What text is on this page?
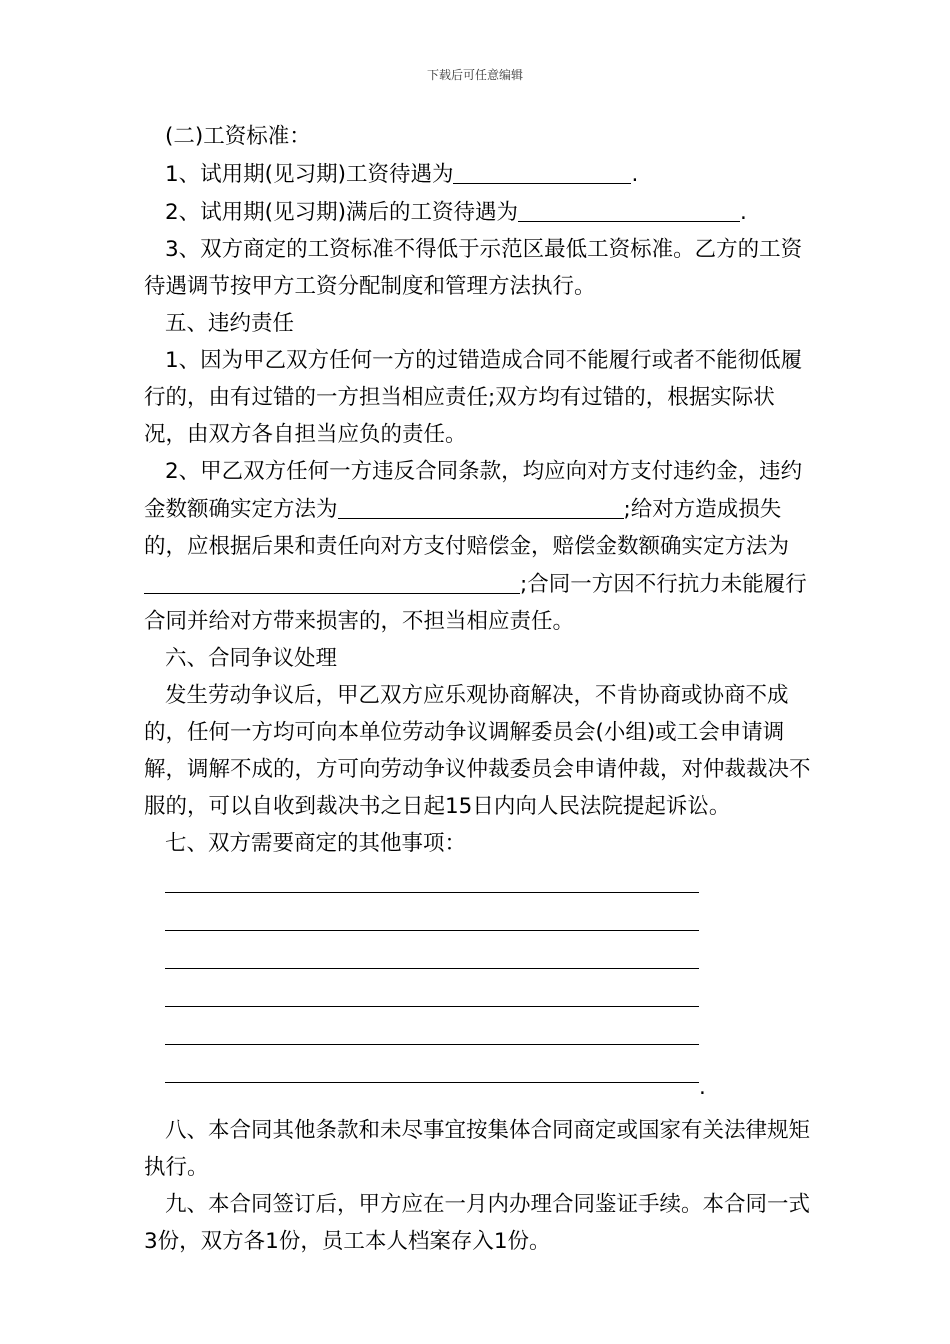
下载后可任意编辑

(二)工资标准：

1、试用期(见习期)工资待遇为	.

2、试用期(见习期)满后的工资待遇为	.

3、双方商定的工资标准不得低于示范区最低工资标准。乙方的工资待遇调节按甲方工资分配制度和管理方法执行。

五、违约责任

1、因为甲乙双方任何一方的过错造成合同不能履行或者不能彻低履行的，由有过错的一方担当相应责任;双方均有过错的，根据实际状况，由双方各自担当应负的责任。

2、甲乙双方任何一方违反合同条款，均应向对方支付违约金，违约金数额确实定方法为	;给对方造成损失的，应根据后果和责任向对方支付赔偿金，赔偿金数额确实定方法为;合同一方因不行抗力未能履行合同并给对方带来损害的，不担当相应责任。

六、合同争议处理

发生劳动争议后，甲乙双方应乐观协商解决，不肯协商或协商不成的，任何一方均可向本单位劳动争议调解委员会(小组)或工会申请调解，调解不成的，方可向劳动争议仲裁委员会申请仲裁，对仲裁裁决不服的，可以自收到裁决书之日起15日内向人民法院提起诉讼。

七、双方需要商定的其他事项：

.

八、本合同其他条款和未尽事宜按集体合同商定或国家有关法律规矩执行。

九、本合同签订后，甲方应在一月内办理合同鉴证手续。本合同一式3份，双方各1份，员工本人档案存入1份。
